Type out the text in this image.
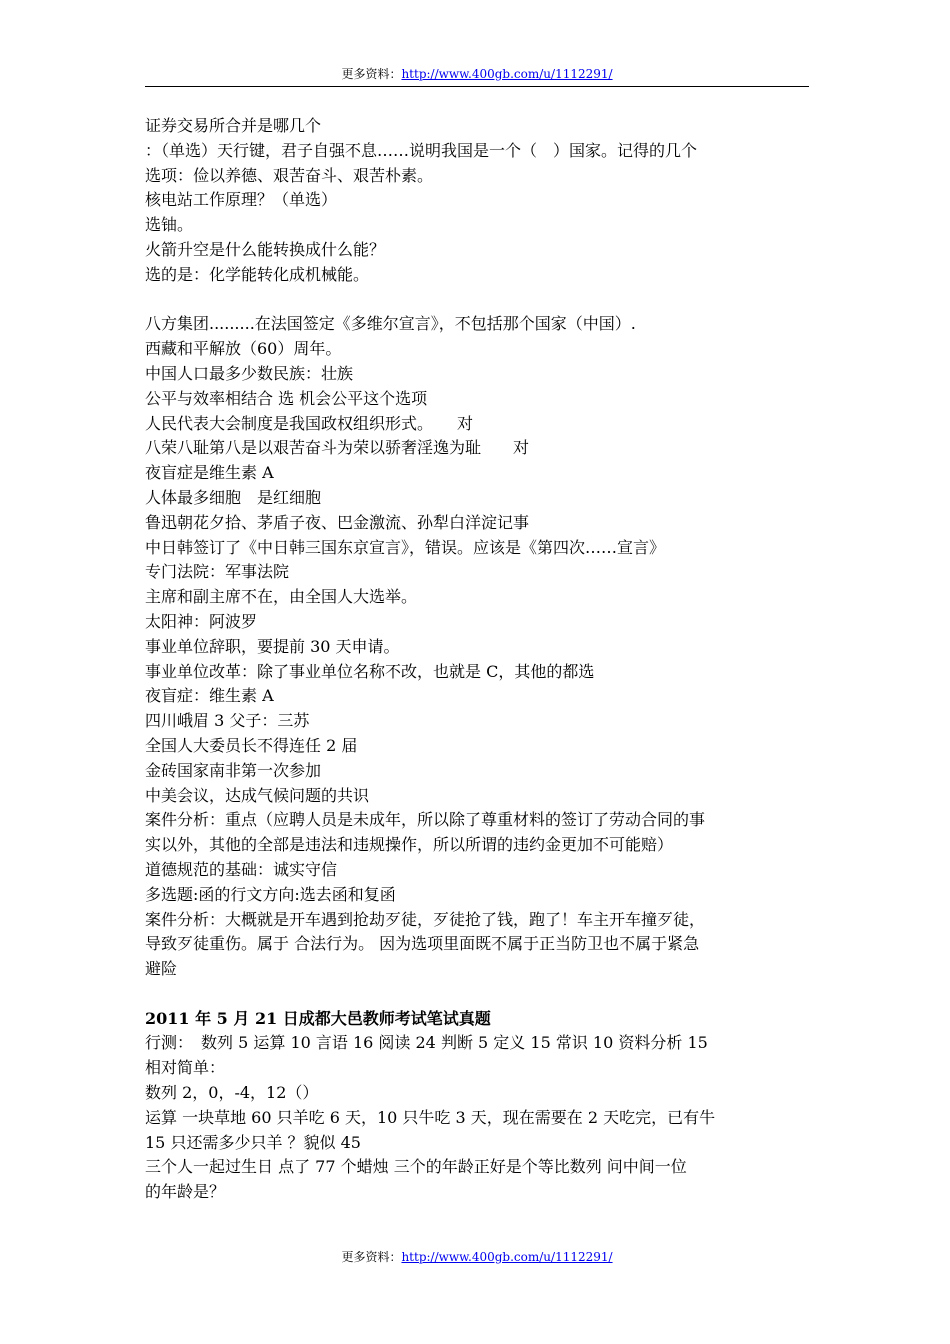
更多资料：http://www.400gb.com/u/1112291/

证券交易所合并是哪几个

：（单选）天行键，君子自强不息……说明我国是一个（　）国家。记得的几个

选项：俭以养德、艰苦奋斗、艰苦朴素。

核电站工作原理？（单选）

选铀。

火箭升空是什么能转换成什么能？

选的是：化学能转化成机械能。

八方集团.........在法国签定《多维尔宣言》，不包括那个国家（中国）.

西藏和平解放（60）周年。

中国人口最多少数民族：壮族

公平与效率相结合 选 机会公平这个选项

人民代表大会制度是我国政权组织形式。　　对

八荣八耻第八是以艰苦奋斗为荣以骄奢淫逸为耻　　对

夜盲症是维生素 A

人体最多细胞　是红细胞

鲁迅朝花夕拾、茅盾子夜、巴金激流、孙犁白洋淀记事

中日韩签订了《中日韩三国东京宣言》，错误。应该是《第四次……宣言》

专门法院：军事法院

主席和副主席不在，由全国人大选举。

太阳神：阿波罗

事业单位辞职，要提前 30 天申请。

事业单位改革：除了事业单位名称不改，也就是 C，其他的都选

夜盲症：维生素 A

四川峨眉 3 父子：三苏

全国人大委员长不得连任 2 届

金砖国家南非第一次参加

中美会议，达成气候问题的共识

案件分析：重点（应聘人员是未成年，所以除了尊重材料的签订了劳动合同的事

实以外，其他的全部是违法和违规操作，所以所谓的违约金更加不可能赔）

道德规范的基础：诚实守信

多选题:函的行文方向:选去函和复函

案件分析：大概就是开车遇到抢劫歹徒，歹徒抢了钱，跑了！车主开车撞歹徒，

导致歹徒重伤。属于 合法行为。 因为选项里面既不属于正当防卫也不属于紧急

避险

2011 年 5 月 21 日成都大邑教师考试笔试真题

行测：　数列 5 运算 10 言语 16 阅读 24 判断 5 定义 15 常识 10 资料分析 15

相对简单：

数列 2，0，-4，12（）

运算 一块草地 60 只羊吃 6 天，10 只牛吃 3 天，现在需要在 2 天吃完，已有牛

15 只还需多少只羊 ？貌似 45

三个人一起过生日 点了 77 个蜡烛 三个的年龄正好是个等比数列 问中间一位

的年龄是？

更多资料：http://www.400gb.com/u/1112291/
